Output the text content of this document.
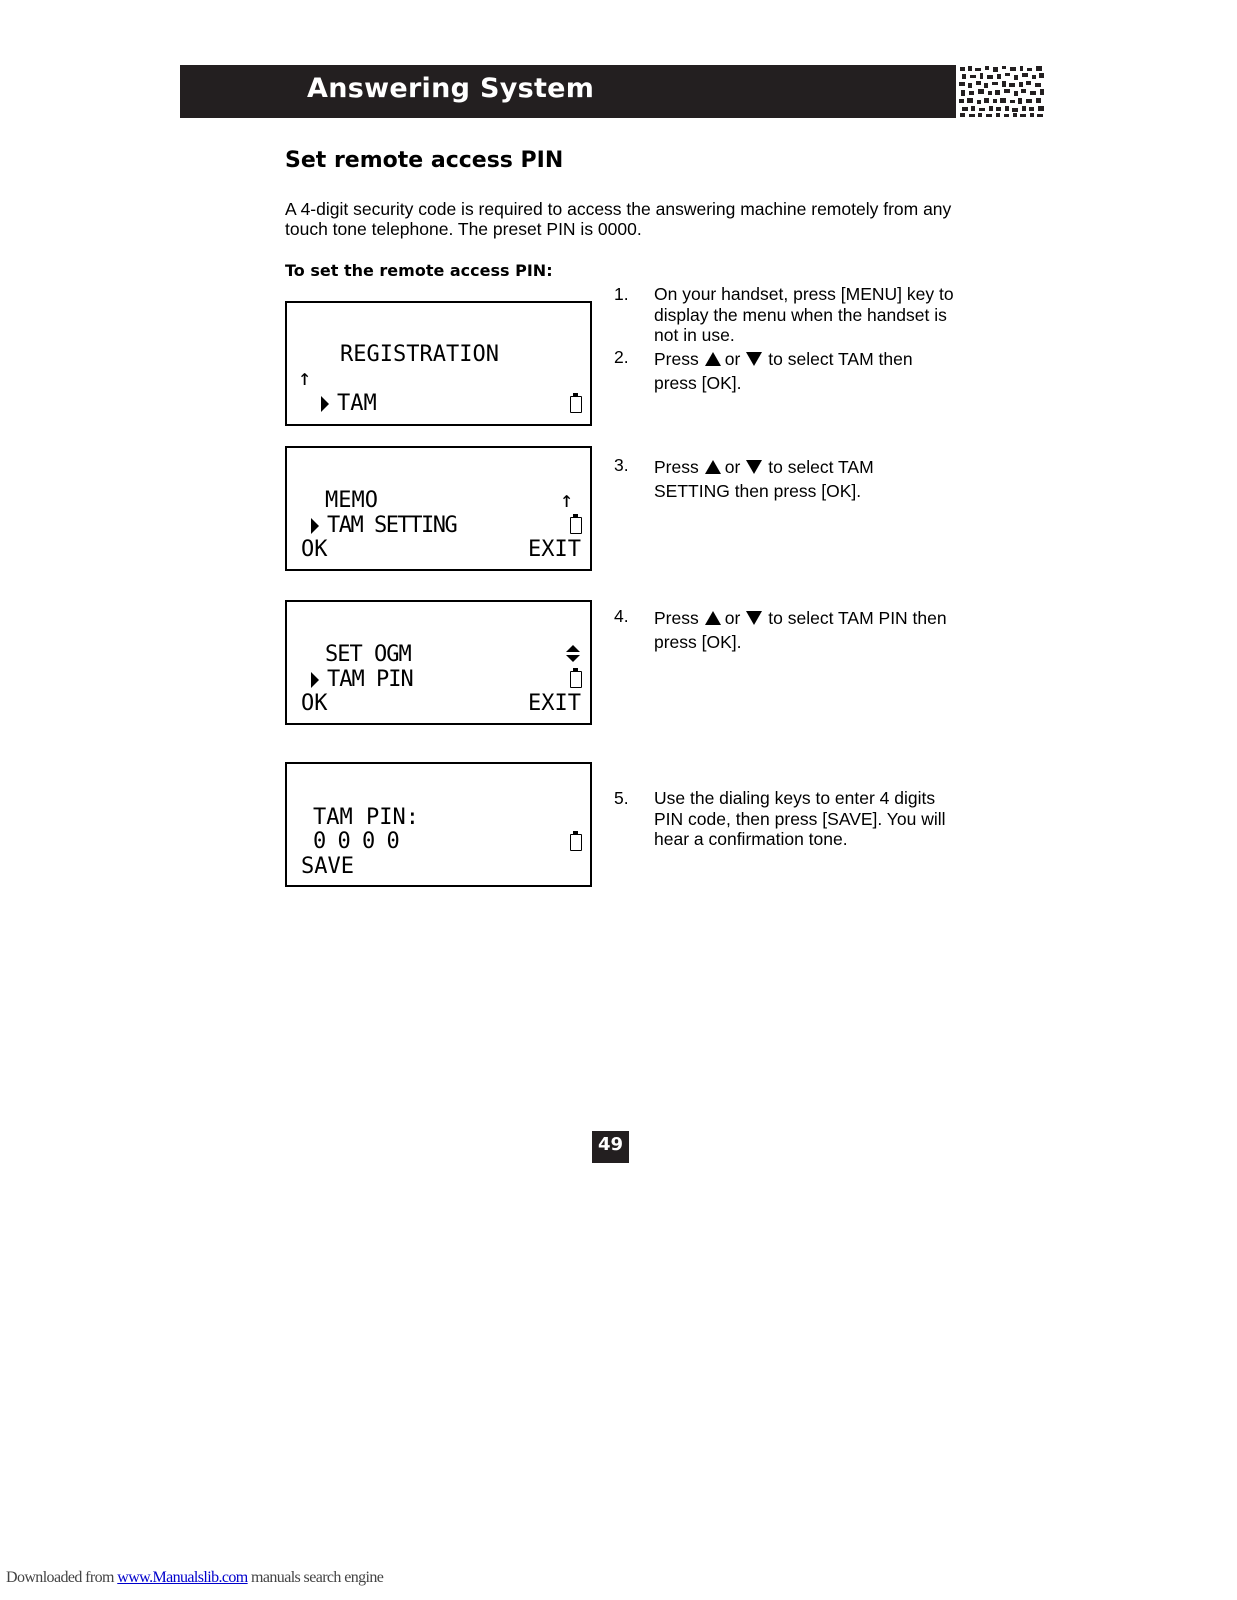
Answering System
Set remote access PIN
A 4-digit security code is required to access the answering machine remotely from any touch tone telephone. The preset PIN is 0000.
To set the remote access PIN:
REGISTRATION
↑
TAM
MEMO	↑
TAM SETTING
OK	EXIT
SET OGM
TAM PIN
OK	EXIT
TAM PIN:
0 0 0 0
SAVE
1. On your handset, press [MENU] key to display the menu when the handset is not in use.
2. Press or to select TAM then press [OK].
3. Press or to select TAM SETTING then press [OK].
4. Press or to select TAM PIN then press [OK].
5. Use the dialing keys to enter 4 digits PIN code, then press [SAVE]. You will hear a confirmation tone.
49
Downloaded from www.Manualslib.com manuals search engine
